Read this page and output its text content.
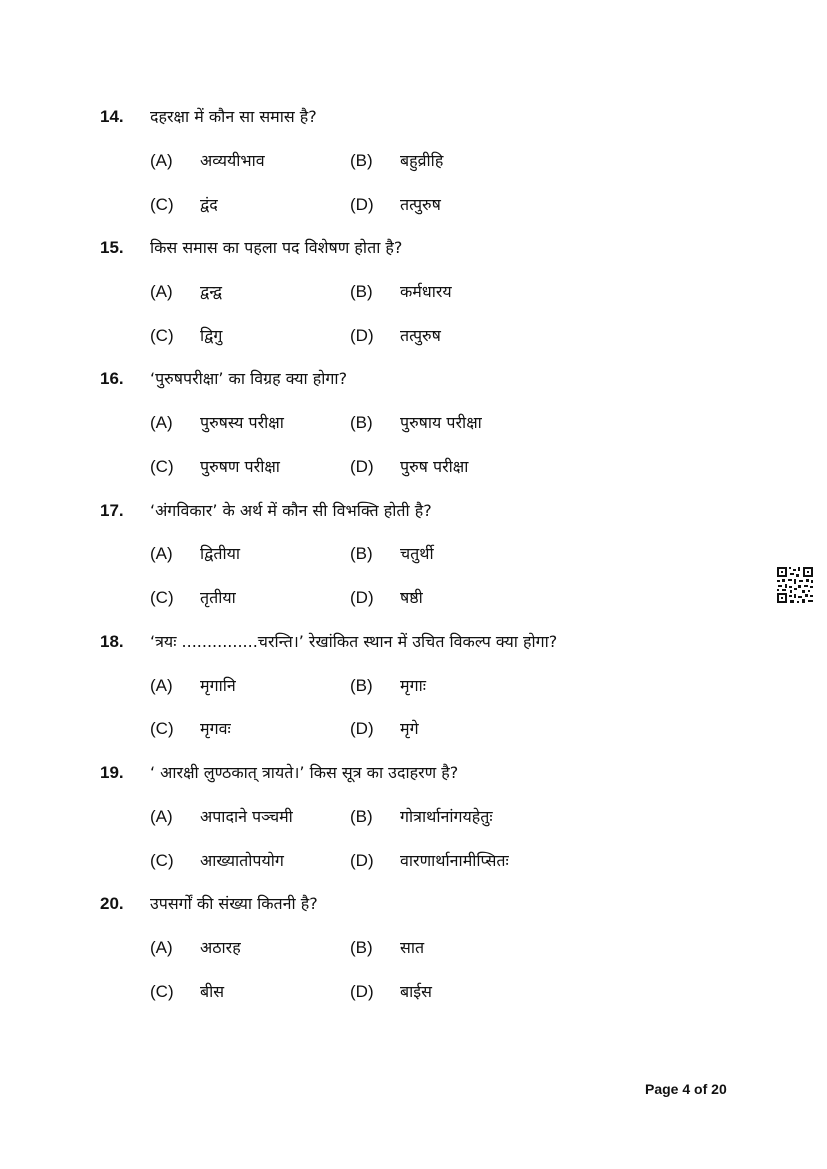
14. दहरक्षा में कौन सा समास है?
(A) अव्ययीभाव	(B) बहुव्रीहि
(C) द्वंद	(D) तत्पुरुष
15. किस समास का पहला पद विशेषण होता है?
(A) द्वन्द्व	(B) कर्मधारय
(C) द्विगु	(D) तत्पुरुष
16. ‘पुरुषपरीक्षा’ का विग्रह क्या होगा?
(A) पुरुषस्य परीक्षा	(B) पुरुषाय परीक्षा
(C) पुरुषण परीक्षा	(D) पुरुष परीक्षा
17. ‘अंगविकार’ के अर्थ में कौन सी विभक्ति होती है?
(A) द्वितीया	(B) चतुर्थी
(C) तृतीया	(D) षष्ठी
18. ‘त्रयः ...............चरन्ति।’ रेखांकित स्थान में उचित विकल्प क्या होगा?
(A) मृगानि	(B) मृगाः
(C) मृगवः	(D) मृगे
19. ‘ आरक्षी लुण्ठकात् त्रायते।’ किस सूत्र का उदाहरण है?
(A) अपादाने पञ्चमी	(B) गोत्रार्थानांगयहेतुः
(C) आख्यातोपयोग	(D) वारणार्थानामीप्सितः
20. उपसर्गों की संख्या कितनी है?
(A) अठारह	(B) सात
(C) बीस	(D) बाईस
Page 4 of 20
